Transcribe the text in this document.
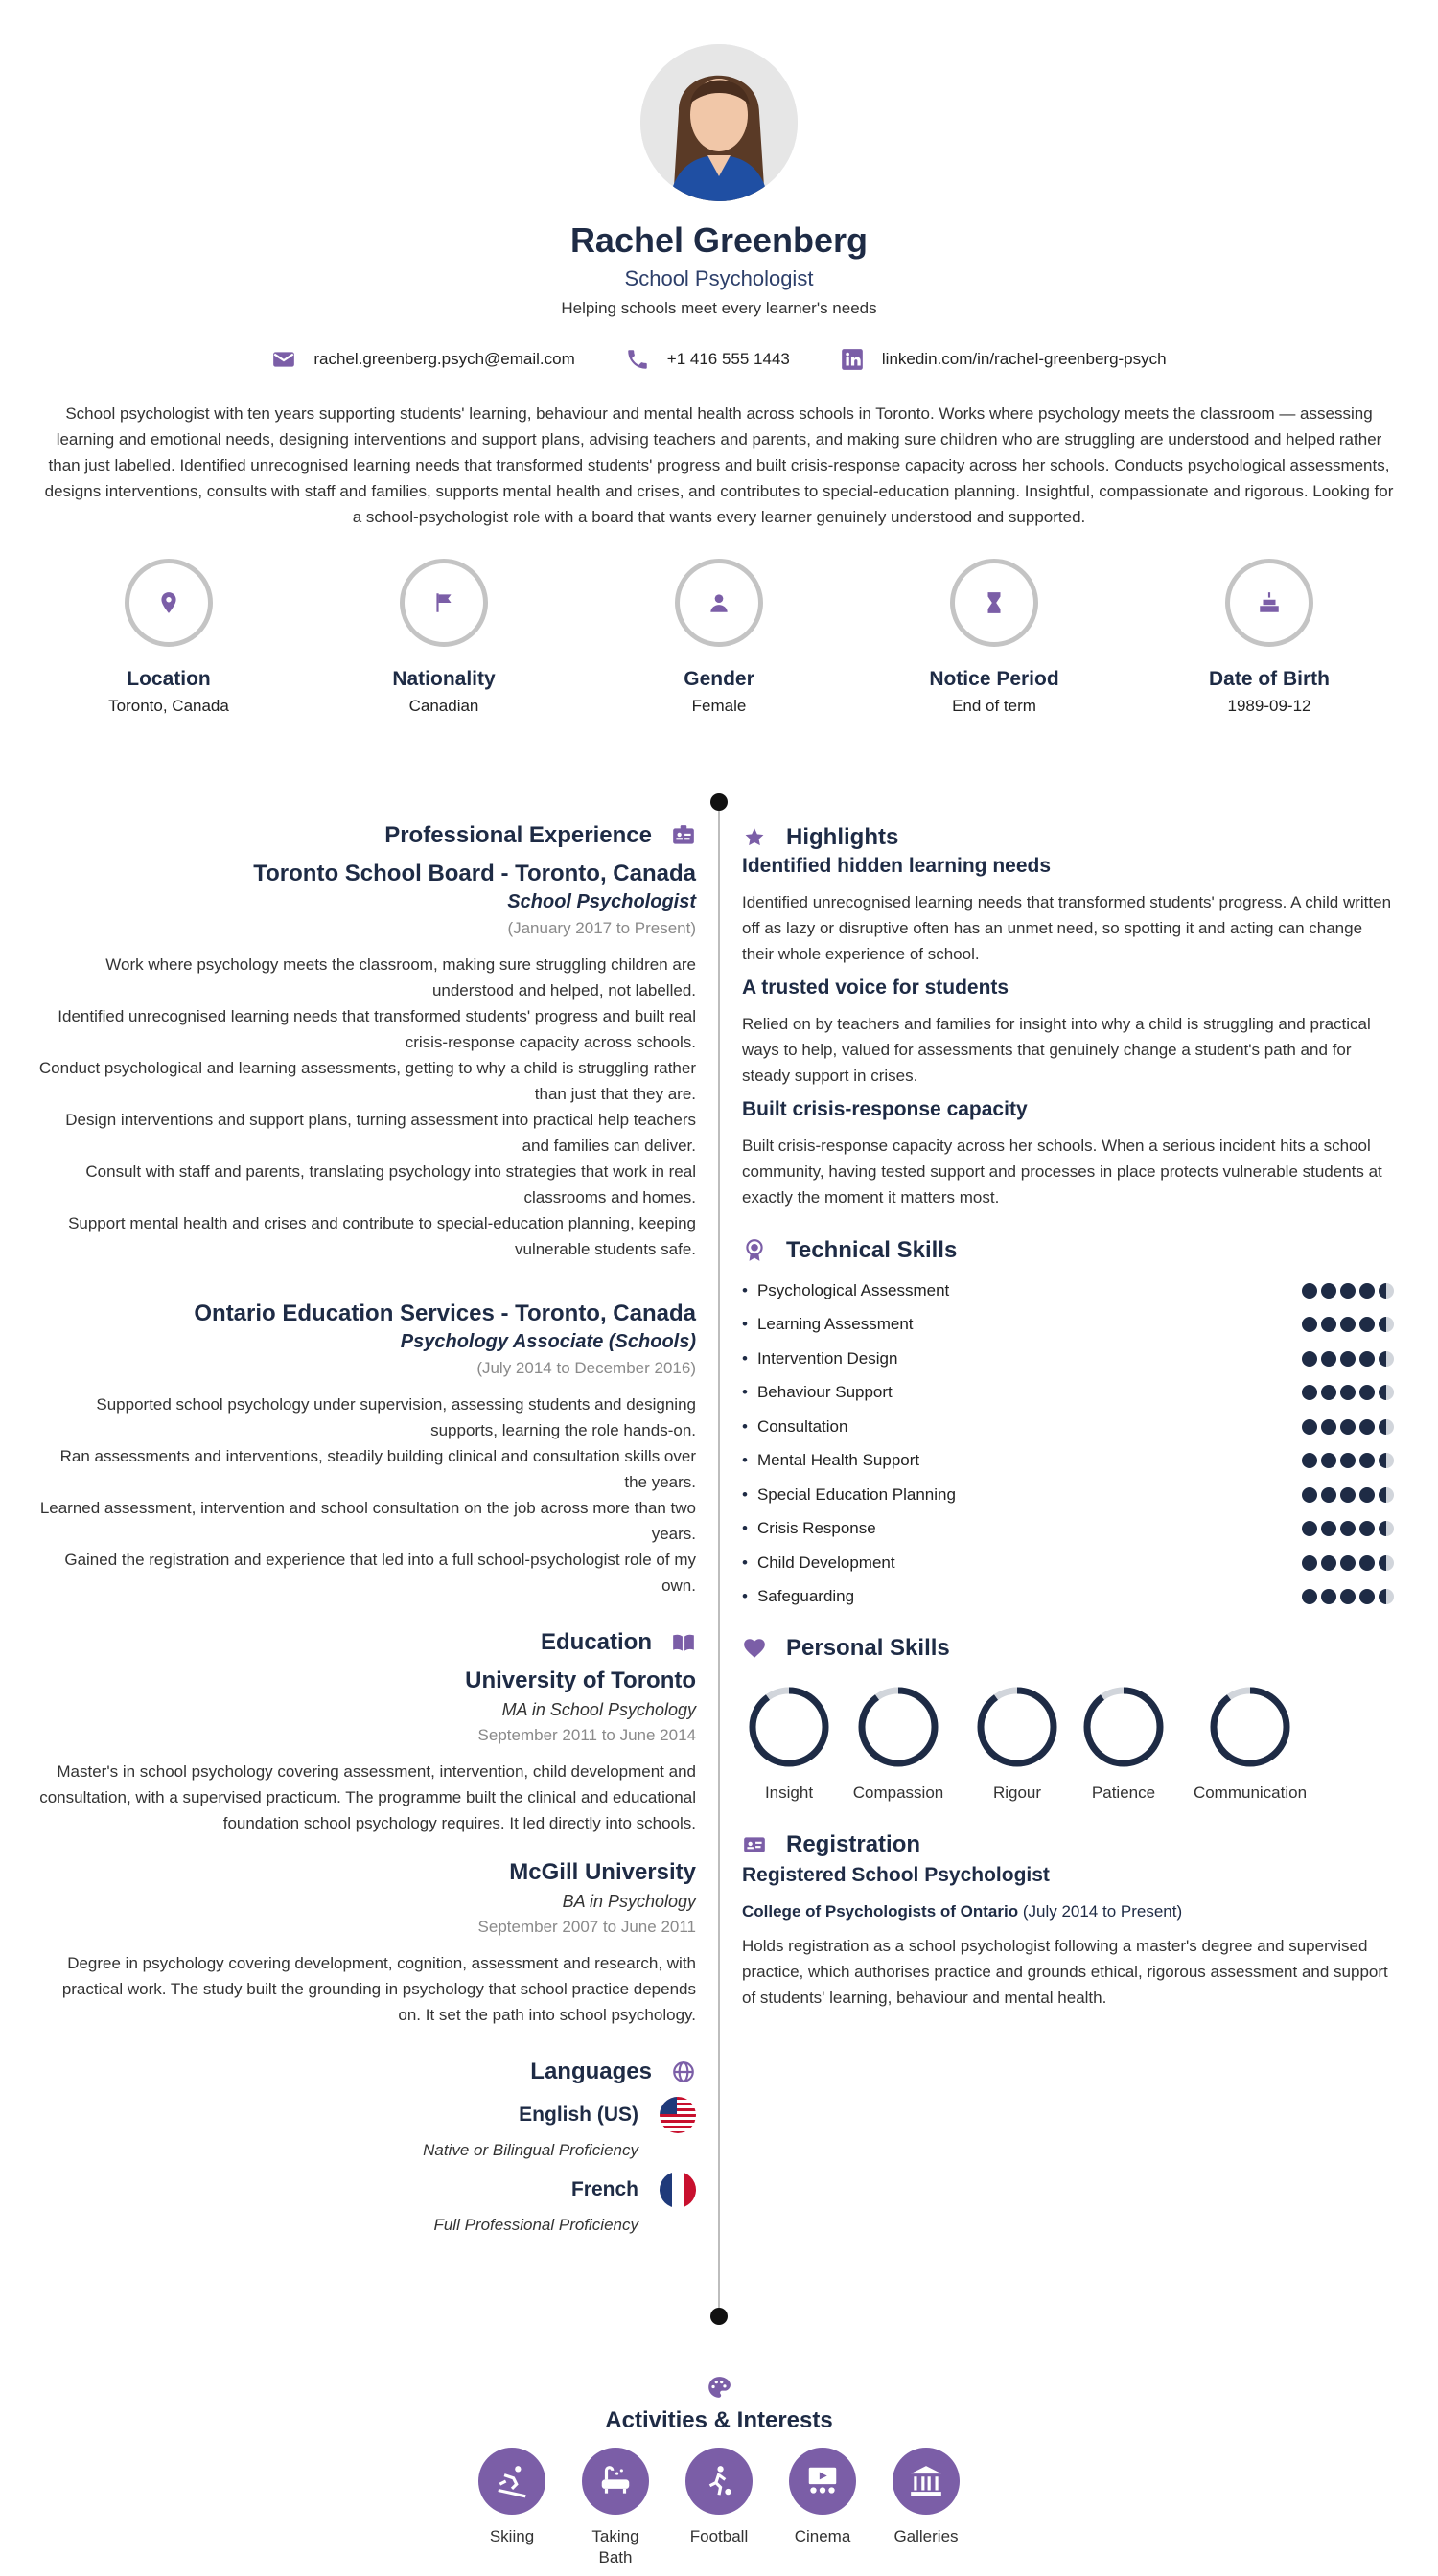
Rachel Greenberg
School Psychologist
Helping schools meet every learner's needs
rachel.greenberg.psych@email.com	+1 416 555 1443	linkedin.com/in/rachel-greenberg-psych
School psychologist with ten years supporting students' learning, behaviour and mental health across schools in Toronto. Works where psychology meets the classroom — assessing learning and emotional needs, designing interventions and support plans, advising teachers and parents, and making sure children who are struggling are understood and helped rather than just labelled. Identified unrecognised learning needs that transformed students' progress and built crisis-response capacity across her schools. Conducts psychological assessments, designs interventions, consults with staff and families, supports mental health and crises, and contributes to special-education planning. Insightful, compassionate and rigorous. Looking for a school-psychologist role with a board that wants every learner genuinely understood and supported.
Location
Toronto, Canada
Nationality
Canadian
Gender
Female
Notice Period
End of term
Date of Birth
1989-09-12
Professional Experience
Toronto School Board - Toronto, Canada
School Psychologist
(January 2017 to Present)
Work where psychology meets the classroom, making sure struggling children are understood and helped, not labelled.
Identified unrecognised learning needs that transformed students' progress and built real crisis-response capacity across schools.
Conduct psychological and learning assessments, getting to why a child is struggling rather than just that they are.
Design interventions and support plans, turning assessment into practical help teachers and families can deliver.
Consult with staff and parents, translating psychology into strategies that work in real classrooms and homes.
Support mental health and crises and contribute to special-education planning, keeping vulnerable students safe.
Ontario Education Services - Toronto, Canada
Psychology Associate (Schools)
(July 2014 to December 2016)
Supported school psychology under supervision, assessing students and designing supports, learning the role hands-on.
Ran assessments and interventions, steadily building clinical and consultation skills over the years.
Learned assessment, intervention and school consultation on the job across more than two years.
Gained the registration and experience that led into a full school-psychologist role of my own.
Education
University of Toronto
MA in School Psychology
September 2011 to June 2014
Master's in school psychology covering assessment, intervention, child development and consultation, with a supervised practicum. The programme built the clinical and educational foundation school psychology requires. It led directly into schools.
McGill University
BA in Psychology
September 2007 to June 2011
Degree in psychology covering development, cognition, assessment and research, with practical work. The study built the grounding in psychology that school practice depends on. It set the path into school psychology.
Languages
English (US)
Native or Bilingual Proficiency
French
Full Professional Proficiency
Highlights
Identified hidden learning needs
Identified unrecognised learning needs that transformed students' progress. A child written off as lazy or disruptive often has an unmet need, so spotting it and acting can change their whole experience of school.
A trusted voice for students
Relied on by teachers and families for insight into why a child is struggling and practical ways to help, valued for assessments that genuinely change a student's path and for steady support in crises.
Built crisis-response capacity
Built crisis-response capacity across her schools. When a serious incident hits a school community, having tested support and processes in place protects vulnerable students at exactly the moment it matters most.
Technical Skills
• Psychological Assessment
• Learning Assessment
• Intervention Design
• Behaviour Support
• Consultation
• Mental Health Support
• Special Education Planning
• Crisis Response
• Child Development
• Safeguarding
Personal Skills
Insight	Compassion	Rigour	Patience	Communication
Registration
Registered School Psychologist
College of Psychologists of Ontario (July 2014 to Present)
Holds registration as a school psychologist following a master's degree and supervised practice, which authorises practice and grounds ethical, rigorous assessment and support of students' learning, behaviour and mental health.
Activities & Interests
Skiing	Taking Bath
Football	Cinema	Galleries
